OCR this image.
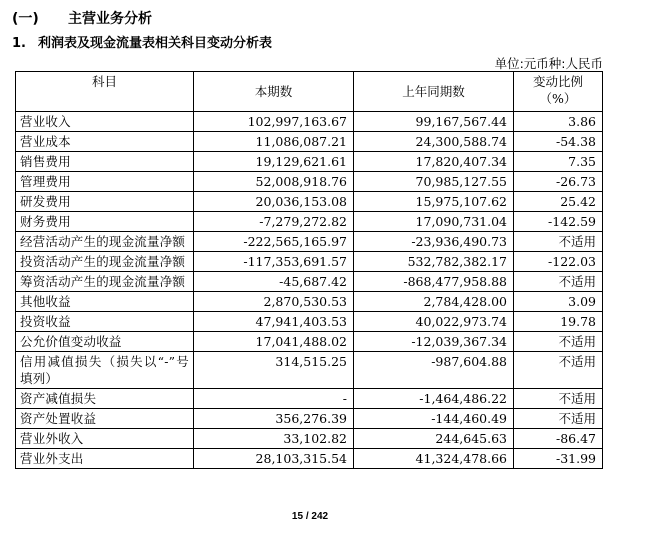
(一) 主营业务分析
1. 利润表及现金流量表相关科目变动分析表
单位:元币种:人民币
科目	本期数	上年同期数	变动比例（%）
营业收入	102,997,163.67	99,167,567.44	3.86
营业成本	11,086,087.21	24,300,588.74	-54.38
销售费用	19,129,621.61	17,820,407.34	7.35
管理费用	52,008,918.76	70,985,127.55	-26.73
研发费用	20,036,153.08	15,975,107.62	25.42
财务费用	-7,279,272.82	17,090,731.04	-142.59
经营活动产生的现金流量净额	-222,565,165.97	-23,936,490.73	不适用
投资活动产生的现金流量净额	-117,353,691.57	532,782,382.17	-122.03
筹资活动产生的现金流量净额	-45,687.42	-868,477,958.88	不适用
其他收益	2,870,530.53	2,784,428.00	3.09
投资收益	47,941,403.53	40,022,973.74	19.78
公允价值变动收益	17,041,488.02	-12,039,367.34	不适用
信用减值损失（损失以“-”号填列）	314,515.25	-987,604.88	不适用
资产减值损失	-	-1,464,486.22	不适用
资产处置收益	356,276.39	-144,460.49	不适用
营业外收入	33,102.82	244,645.63	-86.47
营业外支出	28,103,315.54	41,324,478.66	-31.99
15 / 242
